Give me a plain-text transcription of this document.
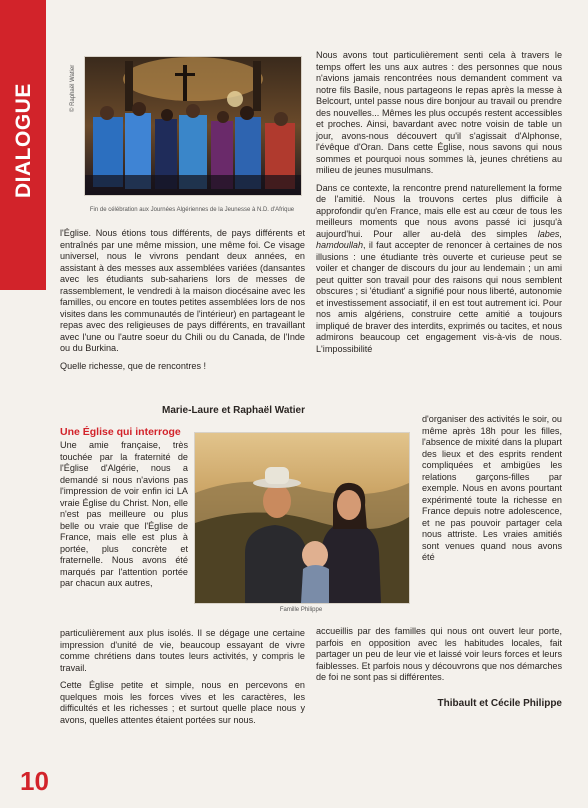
DIALOGUE	© Raphaël Watier
Fin de célébration aux Journées Algériennes de la Jeunesse à N.D. d'Afrique

l'Église. Nous étions tous différents, de pays différents et entraînés par une même mission, une même foi. Ce visage universel, nous le vivrons pendant deux années, en assistant à des messes aux assemblées variées (dansantes avec les étudiants sub-sahariens lors de messes de rassemblement, le vendredi à la maison diocésaine avec les familles, ou encore en toutes petites assemblées lors de nos visites dans les communautés de l'intérieur) en partageant le repas avec des religieuses de pays différents, en travaillant avec l'une ou l'autre soeur du Chili ou du Canada, de l'Inde ou du Burkina.

Quelle richesse, que de rencontres !

Marie-Laure et Raphaël Watier
Une Église qui interroge

Une amie française, très touchée par la fraternité de l'Église d'Algérie, nous a demandé si nous n'avions pas l'impression de voir enfin ici LA vraie Église du Christ. Non, elle n'est pas meilleure ou plus belle ou vraie que l'Église de France, mais elle est plus à portée, plus concrète et fraternelle. Nous avons été marqués par l'attention portée par chacun aux autres,

particulièrement aux plus isolés. Il se dégage une certaine impression d'unité de vie, beaucoup essayant de vivre comme chrétiens dans toutes leurs activités, y compris le travail.

Cette Église petite et simple, nous en percevons en quelques mois les forces vives et les caractères, les difficultés et les richesses ; et surtout quelle place nous y avons, quelles attentes étaient portées sur nous.

Famille Philippe

Nous avons tout particulièrement senti cela à travers le temps offert les uns aux autres : des personnes que nous n'avions jamais rencontrées nous demandent comment va notre fils Basile, nous partageons le repas après la messe à Belcourt, untel passe nous dire bonjour au travail ou prendre des nouvelles... Mêmes les plus occupés restent accessibles et proches. Ainsi, bavardant avec notre voisin de table un jour, avons-nous découvert qu'il s'agissait d'Alphonse, l'évêque d'Oran. Dans cette Église, nous savons qui nous sommes et pourquoi nous sommes là, jeunes chrétiens au milieu de jeunes musulmans.

Dans ce contexte, la rencontre prend naturellement la forme de l'amitié. Nous la trouvons certes plus difficile à approfondir qu'en France, mais elle est au cœur de tous les meilleurs moments que nous avons passé ici jusqu'à aujourd'hui. Pour aller au-delà des simples labes, hamdoullah, il faut accepter de renoncer à certaines de nos illusions : une étudiante très ouverte et curieuse peut se voiler et changer de discours du jour au lendemain ; un ami peut quitter son travail pour des raisons qui nous semblent obscures ; si 'étudiant' a signifié pour nous liberté, autonomie et investissement associatif, il en est tout autrement ici. Pour nos amis algériens, construire cette amitié a toujours impliqué de braver des interdits, exprimés ou tacites, et nous admirons beaucoup cet engagement vis-à-vis de nous. L'impossibilité

d'organiser des activités le soir, ou même après 18h pour les filles, l'absence de mixité dans la plupart des lieux et des esprits rendent compliquées et ambigües les relations garçons-filles par exemple. Nous en avons pourtant expérimenté toute la richesse en France depuis notre adolescence, et ne pas pouvoir partager cela nous attriste. Les vraies amitiés sont venues quand nous avons été

accueillis par des familles qui nous ont ouvert leur porte, parfois en opposition avec les habitudes locales, fait partager un peu de leur vie et laissé voir leurs forces et leurs faiblesses. Et parfois nous y découvrons que nos démarches de foi ne sont pas si différentes.

Thibault et Cécile Philippe
10
